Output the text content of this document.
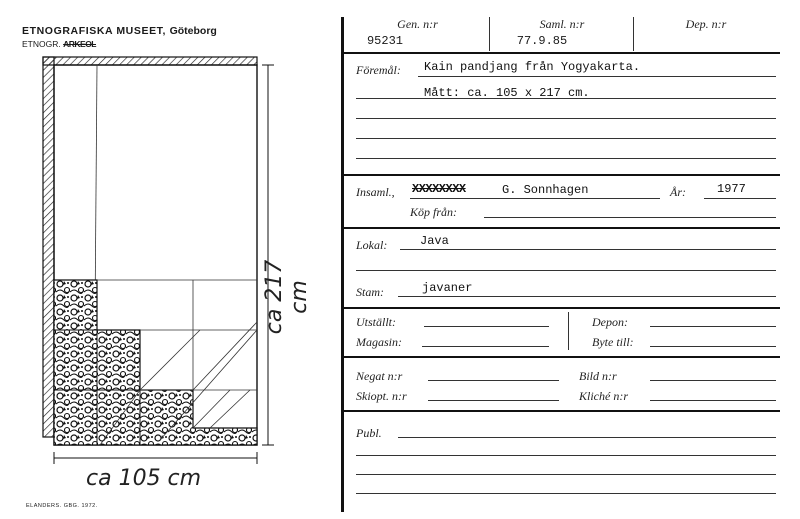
ETNOGRAFISKA MUSEET, Göteborg
ETNOGR. ARKEOL
ca 217 cm
ca 105 cm
ELANDERS. GBG. 1972.
Gen. n:r
95231
Saml. n:r
77.9.85
Dep. n:r
Föremål: Kain pandjang från Yogyakarta.
Mått: ca. 105 x 217 cm.
Insaml., XXXXXXXX	G. Sonnhagen	År:	1977
Köp från:
Lokal:	Java
Stam:	javaner
Utställt:
Magasin:
Depon:
Byte till:
Negat n:r	Bild n:r
Skiopt. n:r	Kliché n:r
Publ.
